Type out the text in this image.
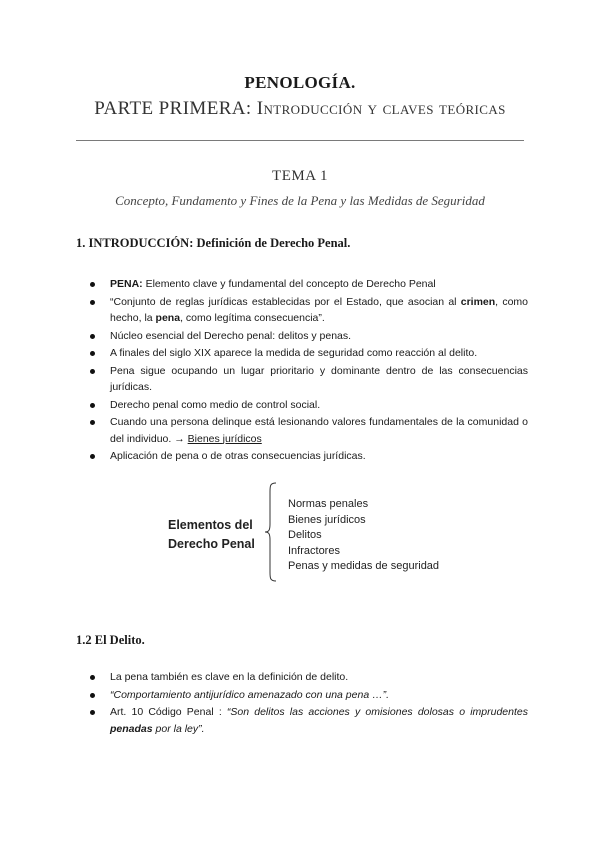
PENOLOGÍA.
PARTE PRIMERA: Introducción y claves teóricas
TEMA 1
Concepto, Fundamento y Fines de la Pena y las Medidas de Seguridad
1. INTRODUCCIÓN: Definición de Derecho Penal.
PENA: Elemento clave y fundamental del concepto de Derecho Penal
“Conjunto de reglas jurídicas establecidas por el Estado, que asocian al crimen, como hecho, la pena, como legítima consecuencia”.
Núcleo esencial del Derecho penal: delitos y penas.
A finales del siglo XIX aparece la medida de seguridad como reacción al delito.
Pena sigue ocupando un lugar prioritario y dominante dentro de las consecuencias jurídicas.
Derecho penal como medio de control social.
Cuando una persona delinque está lesionando valores fundamentales de la comunidad o del individuo. → Bienes jurídicos
Aplicación de pena o de otras consecuencias jurídicas.
Elementos del Derecho Penal
Normas penales
Bienes jurídicos
Delitos
Infractores
Penas y medidas de seguridad
1.2 El Delito.
La pena también es clave en la definición de delito.
“Comportamiento antijurídico amenazado con una pena …”.
Art. 10 Código Penal : “Son delitos las acciones y omisiones dolosas o imprudentes penadas por la ley”.
